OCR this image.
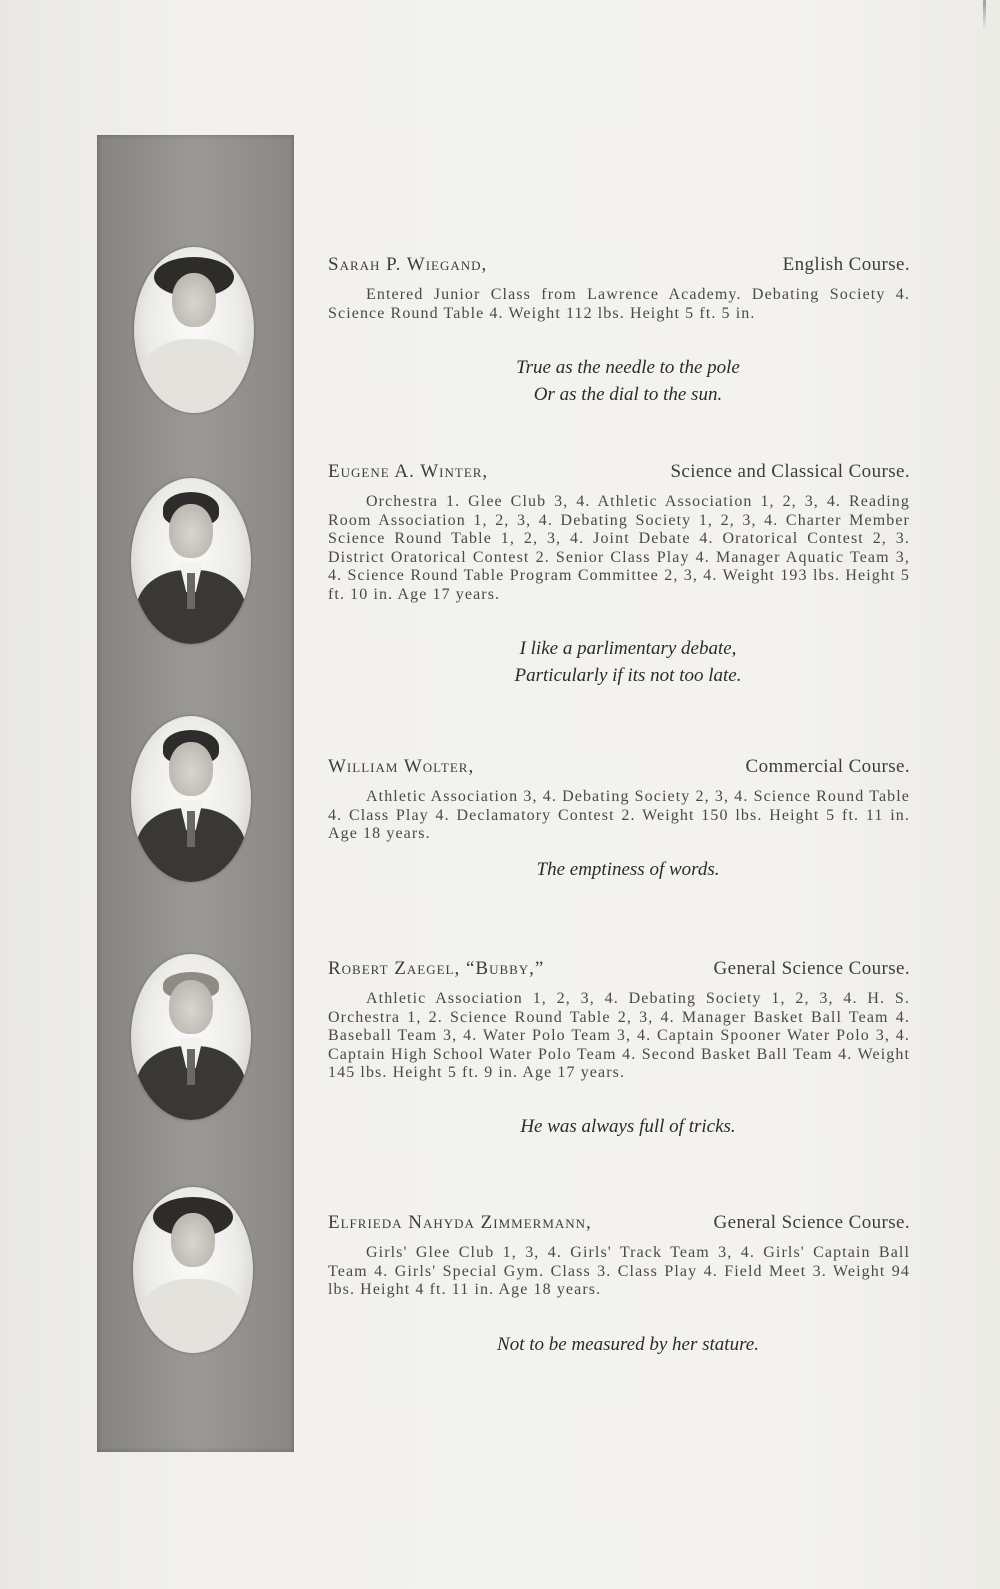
Sarah P. Wiegand,	English Course.

Entered Junior Class from Lawrence Academy. Debating Society 4. Science Round Table 4. Weight 112 lbs. Height 5 ft. 5 in.

True as the needle to the pole
Or as the dial to the sun.

Eugene A. Winter,	Science and Classical Course.

Orchestra 1. Glee Club 3, 4. Athletic Association 1, 2, 3, 4. Reading Room Association 1, 2, 3, 4. Debating Society 1, 2, 3, 4. Charter Member Science Round Table 1, 2, 3, 4. Joint Debate 4. Oratorical Contest 2, 3. District Oratorical Contest 2. Senior Class Play 4. Manager Aquatic Team 3, 4. Science Round Table Program Committee 2, 3, 4. Weight 193 lbs. Height 5 ft. 10 in. Age 17 years.

I like a parlimentary debate,
Particularly if its not too late.

William Wolter,	Commercial Course.

Athletic Association 3, 4. Debating Society 2, 3, 4. Science Round Table 4. Class Play 4. Declamatory Contest 2. Weight 150 lbs. Height 5 ft. 11 in. Age 18 years.

The emptiness of words.

Robert Zaegel, “Bubby,”	General Science Course.

Athletic Association 1, 2, 3, 4. Debating Society 1, 2, 3, 4. H. S. Orchestra 1, 2. Science Round Table 2, 3, 4. Manager Basket Ball Team 4. Baseball Team 3, 4. Water Polo Team 3, 4. Captain Spooner Water Polo 3, 4. Captain High School Water Polo Team 4. Second Basket Ball Team 4. Weight 145 lbs. Height 5 ft. 9 in. Age 17 years.

He was always full of tricks.

Elfrieda Nahyda Zimmermann,	General Science Course.

Girls' Glee Club 1, 3, 4. Girls' Track Team 3, 4. Girls' Captain Ball Team 4. Girls' Special Gym. Class 3. Class Play 4. Field Meet 3. Weight 94 lbs. Height 4 ft. 11 in. Age 18 years.

Not to be measured by her stature.
